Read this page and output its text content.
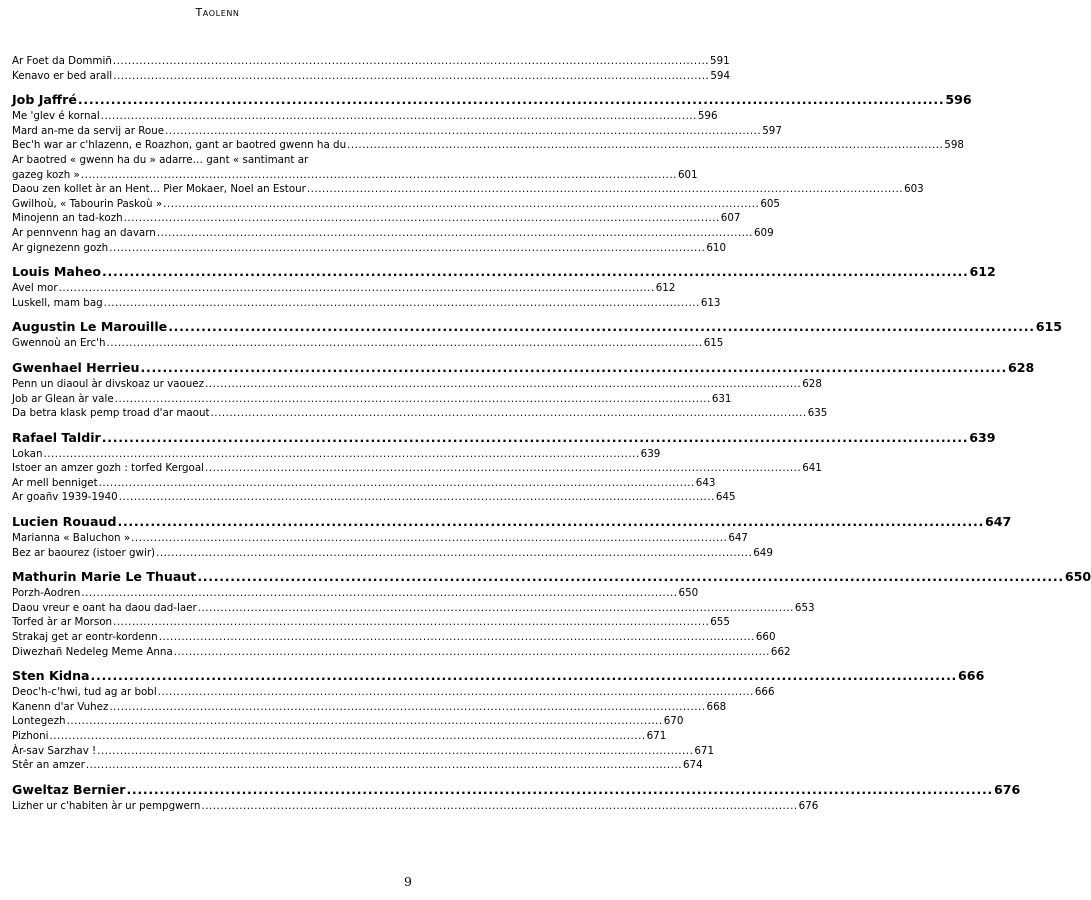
Taolenn
Ar Foet da Dommiñ .....	591
Kenavo er bed arall .....	594
Job Jaffré .....	596
Me 'glev é kornal .....	596
Mard an-me da servij ar Roue .....	597
Bec'h war ar c'hlazenn, e Roazhon, gant ar baotred gwenn ha du .....	598
Ar baotred « gwenn ha du » adarre… gant « santimant ar
gazeg kozh » .....	601
Daou zen kollet àr an Hent… Pier Mokaer, Noel an Estour .....	603
Gwilhoù, « Tabourin Paskoù » .....	605
Minojenn an tad-kozh .....	607
Ar pennvenn hag an davarn .....	609
Ar gignezenn gozh .....	610
Louis Maheo .....	612
Avel mor .....	612
Luskell, mam bag .....	613
Augustin Le Marouille .....	615
Gwennoù an Erc'h .....	615
Gwenhael Herrieu .....	628
Penn un diaoul àr divskoaz ur vaouez .....	628
Job ar Glean àr vale .....	631
Da betra klask pemp troad d'ar maout .....	635
Rafael Taldir .....	639
Lokan .....	639
Istoer an amzer gozh : torfed Kergoal .....	641
Ar mell benniget .....	643
Ar goañv 1939-1940 .....	645
Lucien Rouaud .....	647
Marianna « Baluchon » .....	647
Bez ar baourez (istoer gwir) .....	649
Mathurin Marie Le Thuaut .....	650
Porzh-Aodren .....	650
Daou vreur e oant ha daou dad-laer .....	653
Torfed àr ar Morson .....	655
Strakaj get ar eontr-kordenn .....	660
Diwezhañ Nedeleg Meme Anna .....	662
Sten Kidna .....	666
Deoc'h-c'hwi, tud ag ar bobl .....	666
Kanenn d'ar Vuhez .....	668
Lontegezh .....	670
Pizhoni .....	671
Àr-sav Sarzhav ! .....	671
Stêr an amzer .....	674
Gweltaz Bernier .....	676
Lizher ur c'habiten àr ur pempgwern .....	676
9
